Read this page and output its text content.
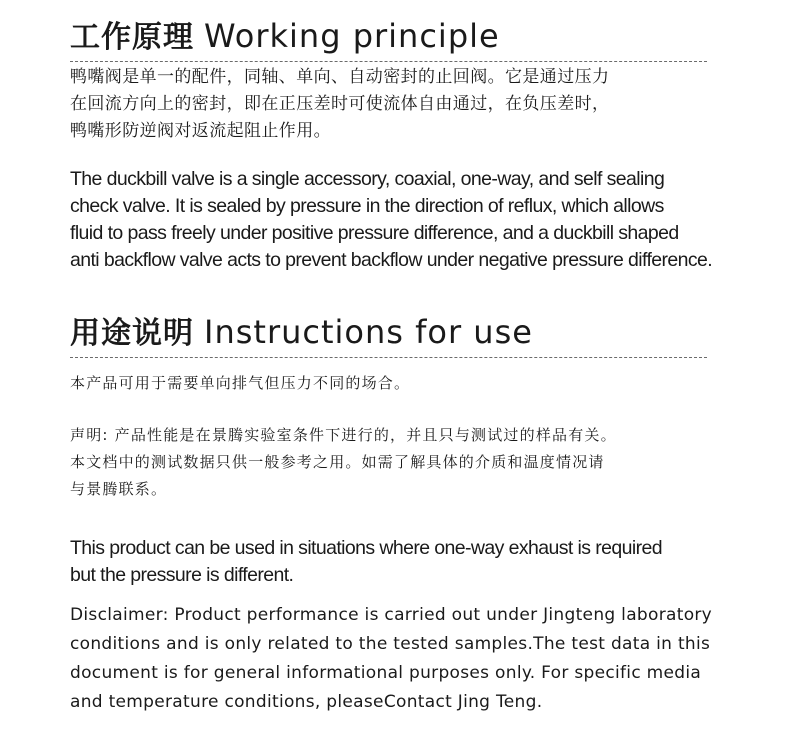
工作原理 Working principle

鸭嘴阀是单一的配件，同轴、单向、自动密封的止回阀。它是通过压力
在回流方向上的密封，即在正压差时可使流体自由通过，在负压差时，
鸭嘴形防逆阀对返流起阻止作用。

The duckbill valve is a single accessory, coaxial, one-way, and self sealing
check valve. It is sealed by pressure in the direction of reflux, which allows
fluid to pass freely under positive pressure difference, and a duckbill shaped
anti backflow valve acts to prevent backflow under negative pressure difference.

用途说明 Instructions for use

本产品可用于需要单向排气但压力不同的场合。

声明: 产品性能是在景腾实验室条件下进行的，并且只与测试过的样品有关。
本文档中的测试数据只供一般参考之用。如需了解具体的介质和温度情况请
与景腾联系。

This product can be used in situations where one-way exhaust is required
but the pressure is different.

Disclaimer: Product performance is carried out under Jingteng laboratory
conditions and is only related to the tested samples.The test data in this
document is for general informational purposes only. For specific media
and temperature conditions, pleaseContact Jing Teng.
